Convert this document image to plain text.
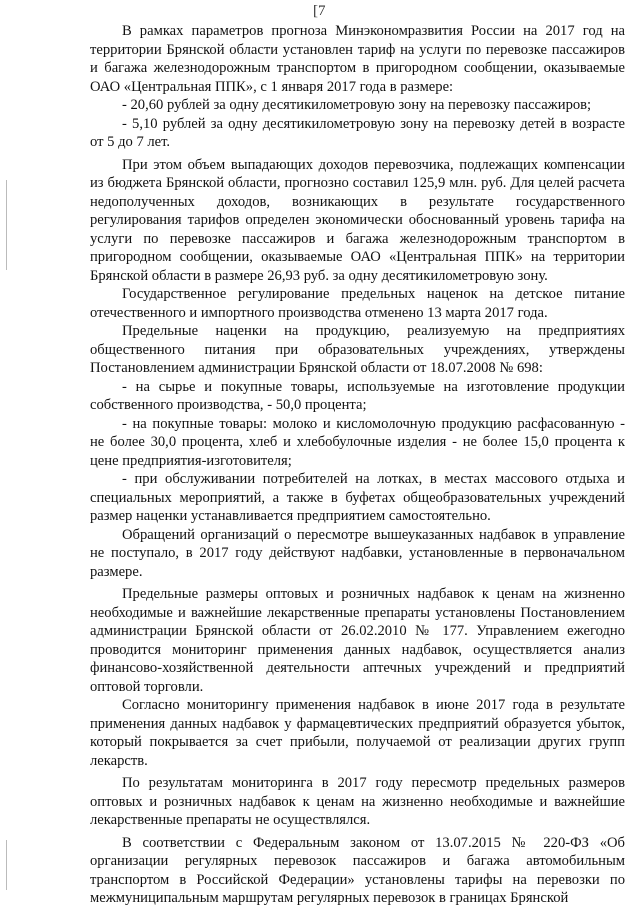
[7

В рамках параметров прогноза Минэкономразвития России на 2017 год на территории Брянской области установлен тариф на услуги по перевозке пассажиров и багажа железнодорожным транспортом в пригородном сообщении, оказываемые ОАО «Центральная ППК», с 1 января 2017 года в размере:

- 20,60 рублей за одну десятикилометровую зону на перевозку пассажиров;

- 5,10 рублей за одну десятикилометровую зону на перевозку детей в возрасте от 5 до 7 лет.

При этом объем выпадающих доходов перевозчика, подлежащих компенсации из бюджета Брянской области, прогнозно составил 125,9 млн. руб. Для целей расчета недополученных доходов, возникающих в результате государственного регулирования тарифов определен экономически обоснованный уровень тарифа на услуги по перевозке пассажиров и багажа железнодорожным транспортом в пригородном сообщении, оказываемые ОАО «Центральная ППК» на территории Брянской области в размере 26,93 руб. за одну десятикилометровую зону.

Государственное регулирование предельных наценок на детское питание отечественного и импортного производства отменено 13 марта 2017 года.

Предельные наценки на продукцию, реализуемую на предприятиях общественного питания при образовательных учреждениях, утверждены Постановлением администрации Брянской области от 18.07.2008 № 698:

- на сырье и покупные товары, используемые на изготовление продукции собственного производства, - 50,0 процента;

- на покупные товары: молоко и кисломолочную продукцию расфасованную - не более 30,0 процента, хлеб и хлебобулочные изделия - не более 15,0 процента к цене предприятия-изготовителя;

- при обслуживании потребителей на лотках, в местах массового отдыха и специальных мероприятий, а также в буфетах общеобразовательных учреждений размер наценки устанавливается предприятием самостоятельно.

Обращений организаций о пересмотре вышеуказанных надбавок в управление не поступало, в 2017 году действуют надбавки, установленные в первоначальном размере.

Предельные размеры оптовых и розничных надбавок к ценам на жизненно необходимые и важнейшие лекарственные препараты установлены Постановлением администрации Брянской области от 26.02.2010 № 177. Управлением ежегодно проводится мониторинг применения данных надбавок, осуществляется анализ финансово-хозяйственной деятельности аптечных учреждений и предприятий оптовой торговли.

Согласно мониторингу применения надбавок в июне 2017 года в результате применения данных надбавок у фармацевтических предприятий образуется убыток, который покрывается за счет прибыли, получаемой от реализации других групп лекарств.

По результатам мониторинга в 2017 году пересмотр предельных размеров оптовых и розничных надбавок к ценам на жизненно необходимые и важнейшие лекарственные препараты не осуществлялся.

В соответствии с Федеральным законом от 13.07.2015 № 220-ФЗ «Об организации регулярных перевозок пассажиров и багажа автомобильным транспортом в Российской Федерации» установлены тарифы на перевозки по межмуниципальным маршрутам регулярных перевозок в границах Брянской
